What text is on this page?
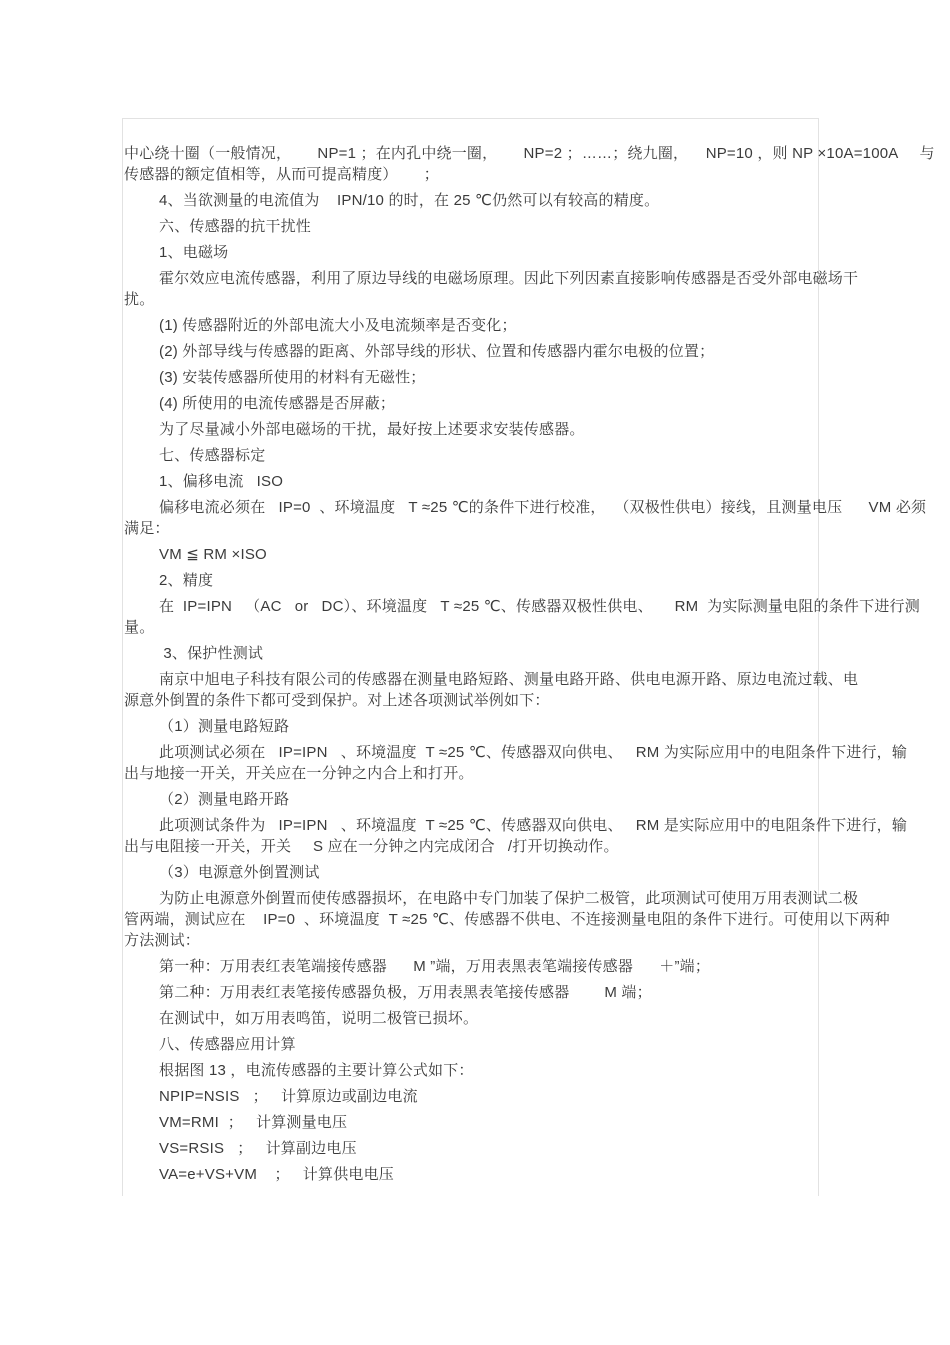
中心绕十圈（一般情况，      NP=1 ；在内孔中绕一圈，      NP=2 ；……；绕九圈，    NP=10 ，则 NP ×10A=100A     与
传感器的额定值相等，从而可提高精度）      ；
4、当欲测量的电流值为    IPN/10 的时，在 25 ℃仍然可以有较高的精度。
六、传感器的抗干扰性
1、电磁场
霍尔效应电流传感器，利用了原边导线的电磁场原理。因此下列因素直接影响传感器是否受外部电磁场干
扰。
(1) 传感器附近的外部电流大小及电流频率是否变化；
(2) 外部导线与传感器的距离、外部导线的形状、位置和传感器内霍尔电极的位置；
(3) 安装传感器所使用的材料有无磁性；
(4) 所使用的电流传感器是否屏蔽；
为了尽量减小外部电磁场的干扰，最好按上述要求安装传感器。
七、传感器标定
1、偏移电流   ISO
偏移电流必须在   IP=0  、环境温度   T ≈25 ℃的条件下进行校准，  （双极性供电）接线，且测量电压      VM 必须
满足：
VM ≦ RM ×ISO
2、精度
在  IP=IPN   （AC   or   DC）、环境温度   T ≈25 ℃、传感器双极性供电、     RM  为实际测量电阻的条件下进行测
量。
3、保护性测试
南京中旭电子科技有限公司的传感器在测量电路短路、测量电路开路、供电电源开路、原边电流过载、电
源意外倒置的条件下都可受到保护。对上述各项测试举例如下：
（1）测量电路短路
此项测试必须在   IP=IPN   、环境温度  T ≈25 ℃、传感器双向供电、   RM 为实际应用中的电阻条件下进行，输
出与地接一开关，开关应在一分钟之内合上和打开。
（2）测量电路开路
此项测试条件为   IP=IPN   、环境温度  T ≈25 ℃、传感器双向供电、   RM 是实际应用中的电阻条件下进行，输
出与电阻接一开关，开关     S 应在一分钟之内完成闭合   /打开切换动作。
（3）电源意外倒置测试
为防止电源意外倒置而使传感器损坏，在电路中专门加装了保护二极管，此项测试可使用万用表测试二极
管两端，测试应在    IP=0  、环境温度  T ≈25 ℃、传感器不供电、不连接测量电阻的条件下进行。可使用以下两种
方法测试：
第一种：万用表红表笔端接传感器      M ”端，万用表黑表笔端接传感器      ＋”端；
第二种：万用表红表笔接传感器负极，万用表黑表笔接传感器        M 端；
在测试中，如万用表鸣笛，说明二极管已损坏。
八、传感器应用计算
根据图 13 ，电流传感器的主要计算公式如下：
NPIP=NSIS   ；   计算原边或副边电流
VM=RMI  ；   计算测量电压
VS=RSIS   ；   计算副边电压
VA=e+VS+VM    ；   计算供电电压
